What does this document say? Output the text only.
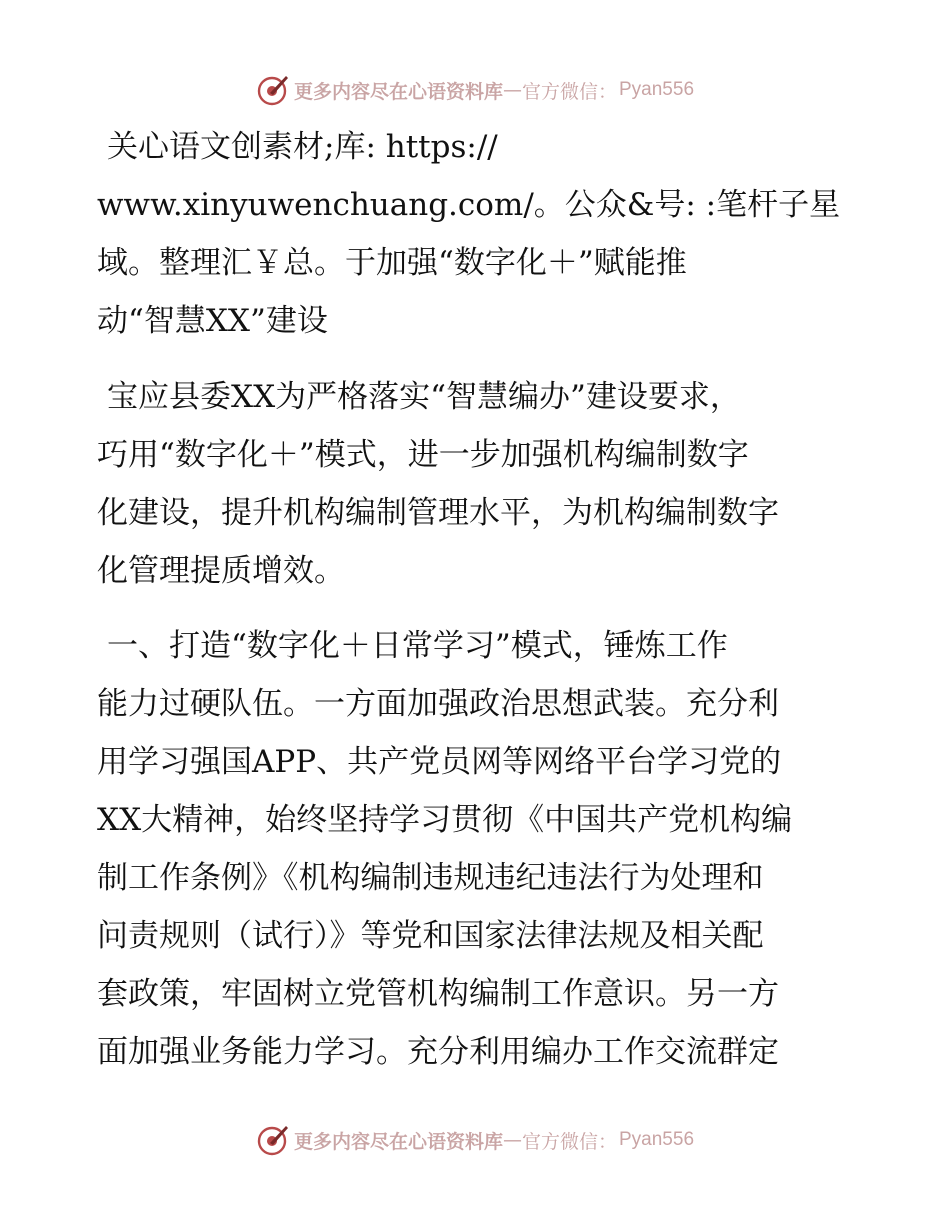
更多内容尽在心语资料库 — 官方微信： Pyan556
关心语文创素材;库: https://
www.xinyuwenchuang.com/。公众&号: :笔杆子星
域。整理汇￥总。于加强“数字化＋”赋能推
动“智慧XX”建设
宝应县委XX为严格落实“智慧编办”建设要求，
巧用“数字化＋”模式，进一步加强机构编制数字
化建设，提升机构编制管理水平，为机构编制数字
化管理提质增效。
一、打造“数字化＋日常学习”模式，锤炼工作
能力过硬队伍。一方面加强政治思想武装。充分利
用学习强国APP、共产党员网等网络平台学习党的
XX大精神，始终坚持学习贯彻《中国共产党机构编
制工作条例》《机构编制违规违纪违法行为处理和
问责规则（试行）》等党和国家法律法规及相关配
套政策，牢固树立党管机构编制工作意识。另一方
面加强业务能力学习。充分利用编办工作交流群定
更多内容尽在心语资料库 — 官方微信： Pyan556
